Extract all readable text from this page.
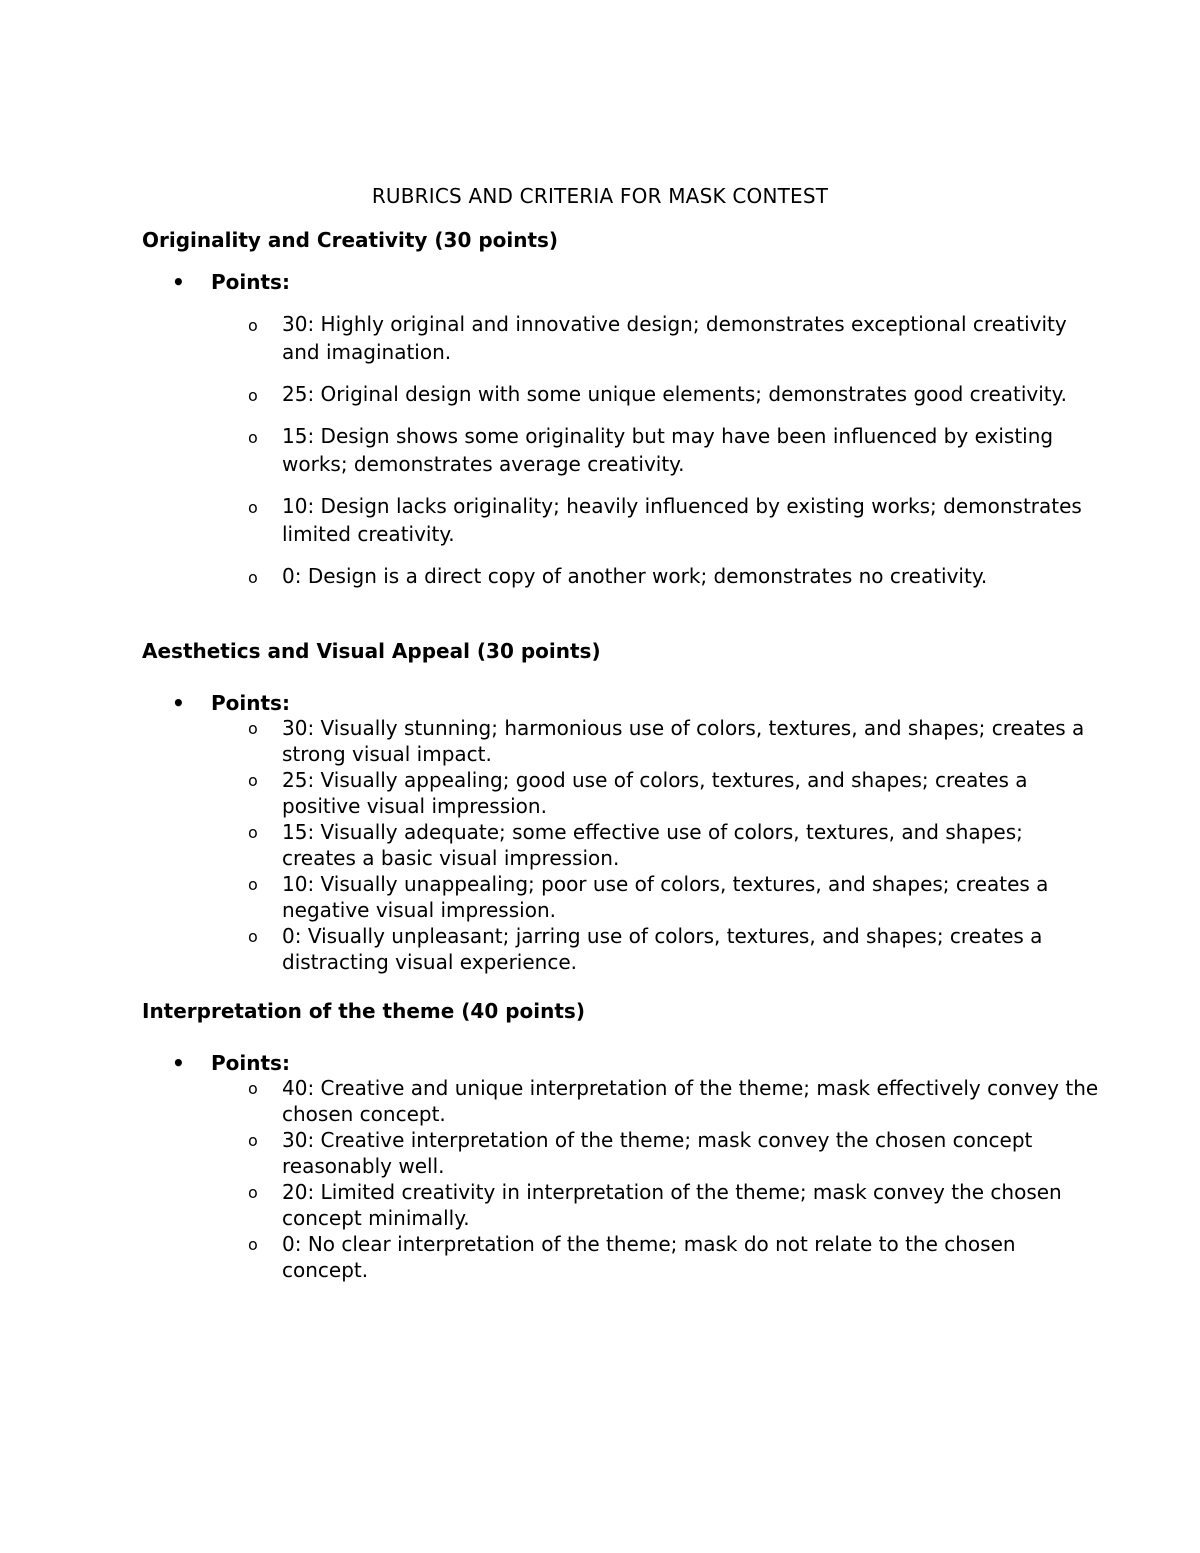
RUBRICS AND CRITERIA FOR MASK CONTEST
Originality and Creativity (30 points)
• Points:
o 30: Highly original and innovative design; demonstrates exceptional creativity and imagination.
o 25: Original design with some unique elements; demonstrates good creativity.
o 15: Design shows some originality but may have been influenced by existing works; demonstrates average creativity.
o 10: Design lacks originality; heavily influenced by existing works; demonstrates limited creativity.
o 0: Design is a direct copy of another work; demonstrates no creativity.
Aesthetics and Visual Appeal (30 points)
• Points:
o 30: Visually stunning; harmonious use of colors, textures, and shapes; creates a strong visual impact.
o 25: Visually appealing; good use of colors, textures, and shapes; creates a positive visual impression.
o 15: Visually adequate; some effective use of colors, textures, and shapes; creates a basic visual impression.
o 10: Visually unappealing; poor use of colors, textures, and shapes; creates a negative visual impression.
o 0: Visually unpleasant; jarring use of colors, textures, and shapes; creates a distracting visual experience.
Interpretation of the theme (40 points)
• Points:
o 40: Creative and unique interpretation of the theme; mask effectively convey the chosen concept.
o 30: Creative interpretation of the theme; mask convey the chosen concept reasonably well.
o 20: Limited creativity in interpretation of the theme; mask convey the chosen concept minimally.
o 0: No clear interpretation of the theme; mask do not relate to the chosen concept.
